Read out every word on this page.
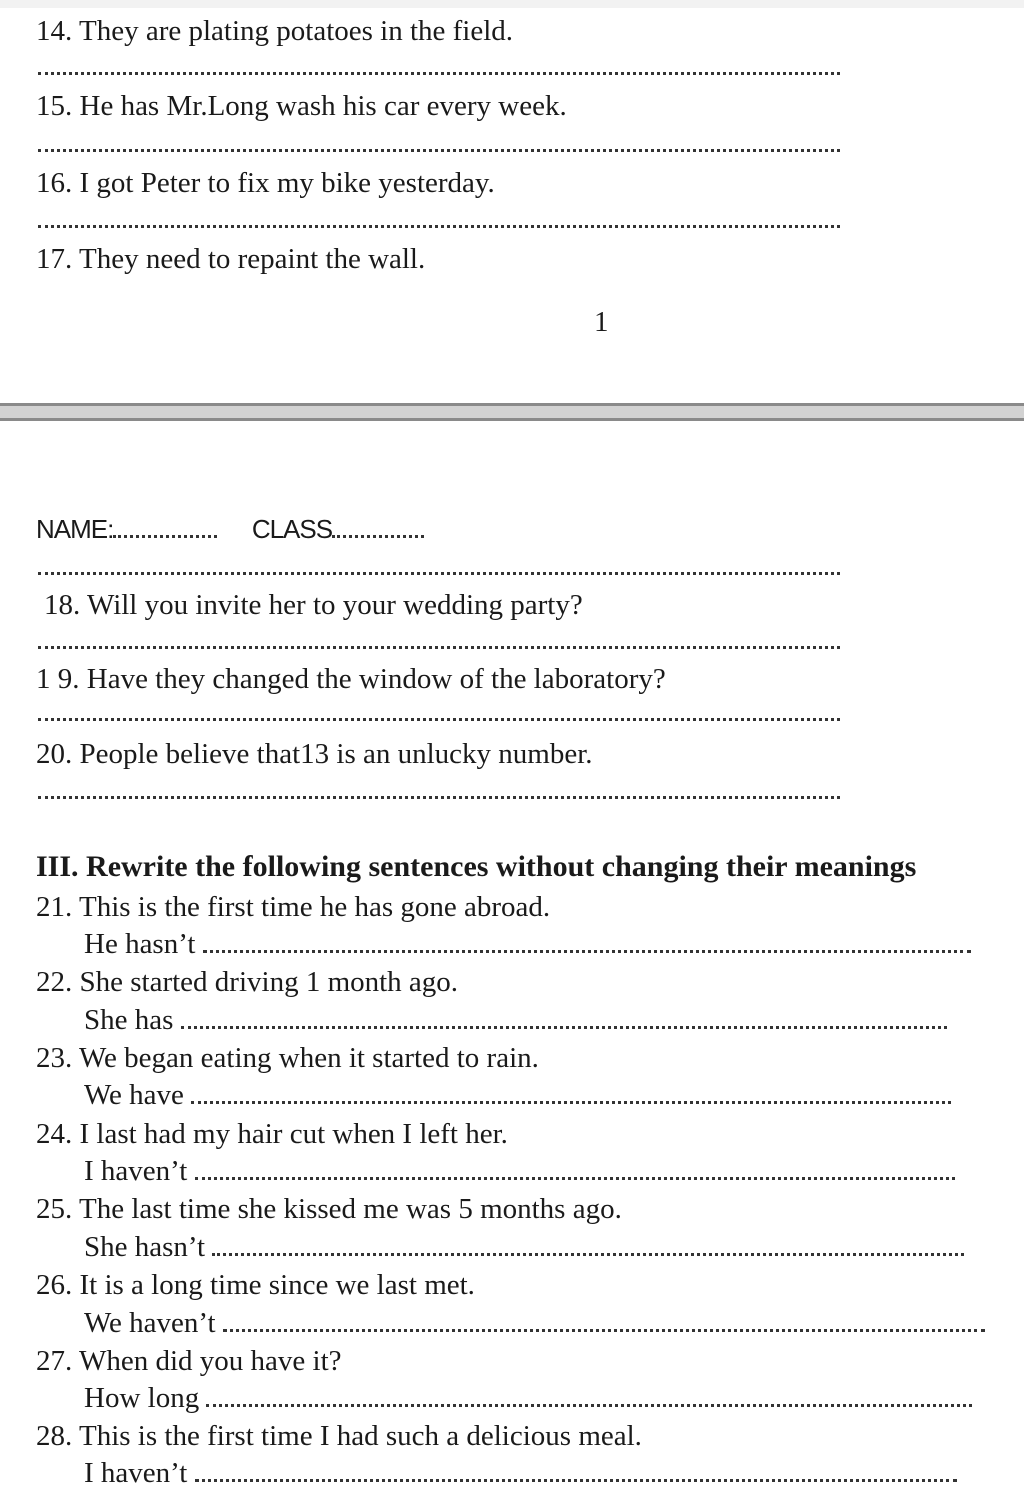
14. They are plating potatoes in the field.
15. He has Mr.Long wash his car every week.
16. I got Peter to fix my bike yesterday.
17. They need to repaint the wall.
1
NAME:	CLASS
18. Will you invite her to your wedding party?
1 9. Have they changed the window of the laboratory?
20. People believe that13 is an unlucky number.
III. Rewrite the following sentences without changing their meanings
21. This is the first time he has gone abroad.
He hasn’t
22. She started driving 1 month ago.
She has
23. We began eating when it started to rain.
We have
24. I last had my hair cut when I left her.
I haven’t
25. The last time she kissed me was 5 months ago.
She hasn’t
26. It is a long time since we last met.
We haven’t
27. When did you have it?
How long
28. This is the first time I had such a delicious meal.
I haven’t
